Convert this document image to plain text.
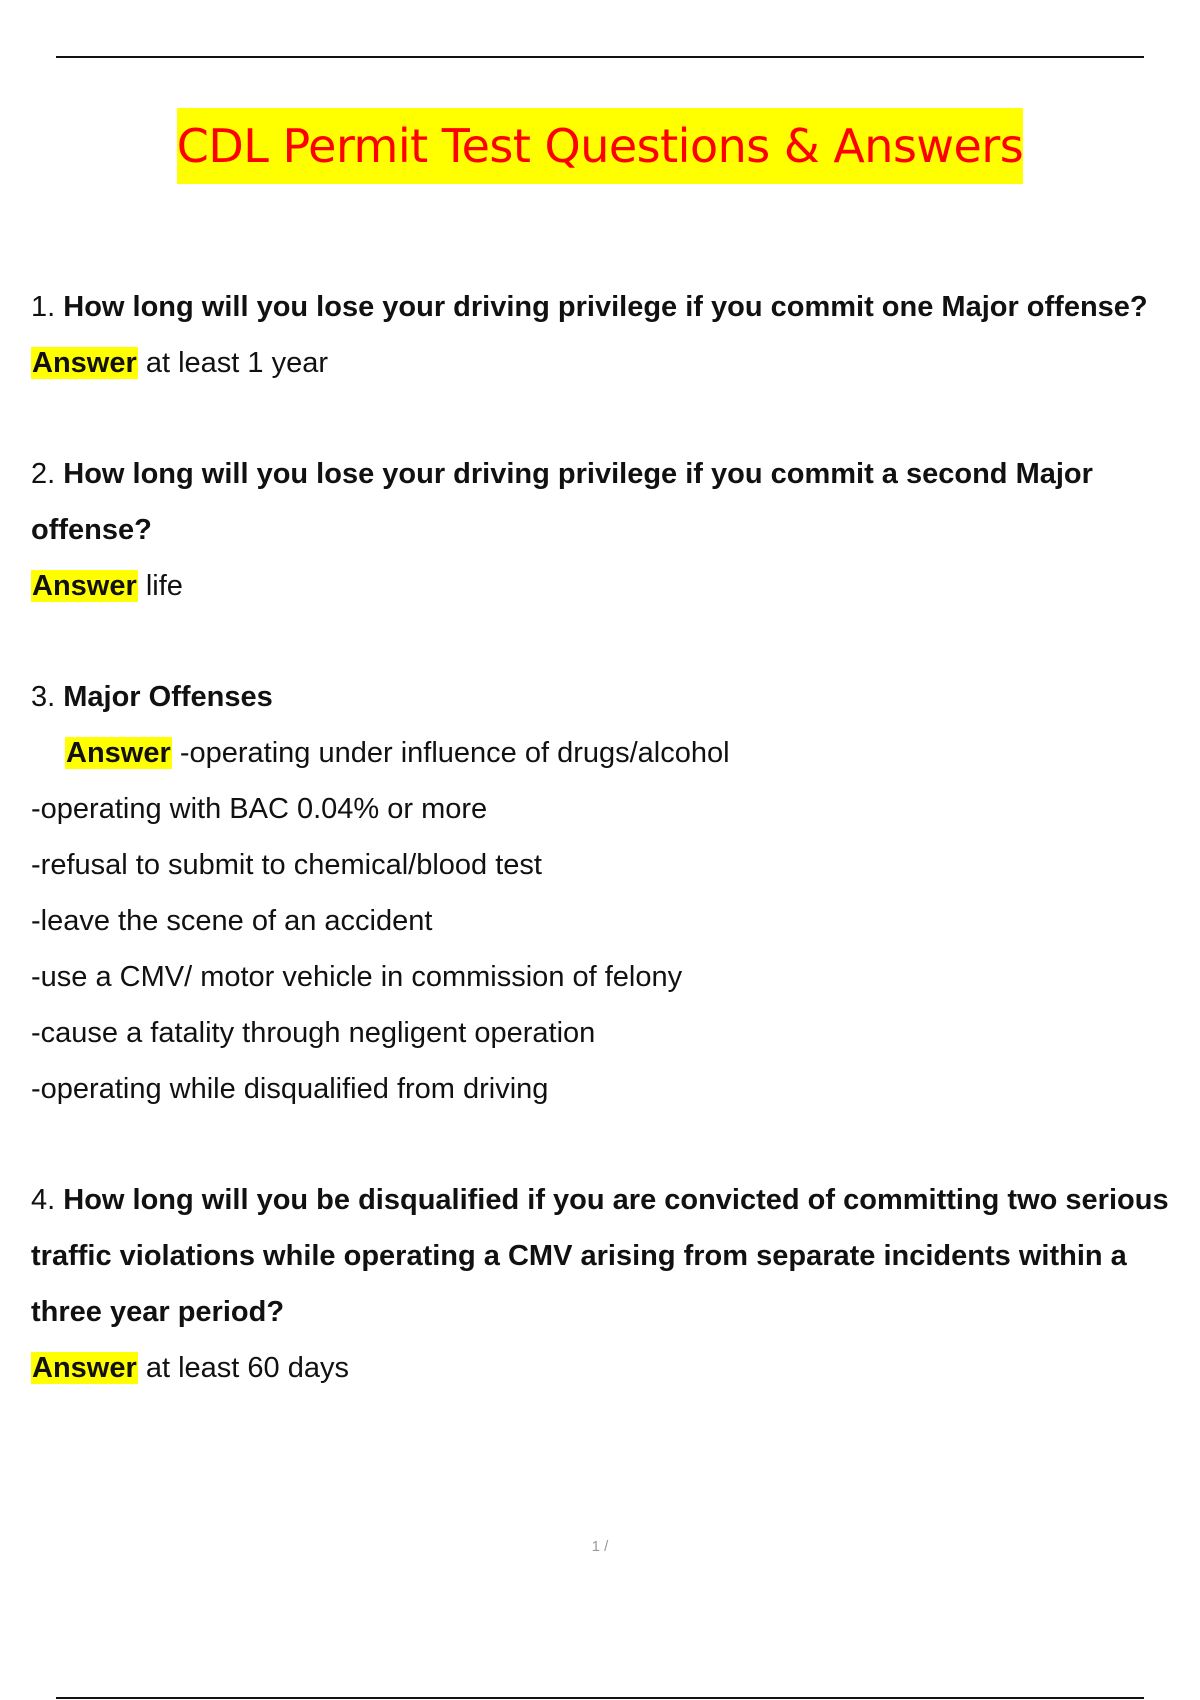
CDL Permit Test Questions & Answers

1. How long will you lose your driving privilege if you commit one Major offense?

Answer at least 1 year

2. How long will you lose your driving privilege if you commit a second Major offense?

Answer life

3. Major Offenses

Answer -operating under influence of drugs/alcohol

-operating with BAC 0.04% or more

-refusal to submit to chemical/blood test

-leave the scene of an accident

-use a CMV/ motor vehicle in commission of felony

-cause a fatality through negligent operation

-operating while disqualified from driving

4. How long will you be disqualified if you are convicted of committing two serious traffic violations while operating a CMV arising from separate incidents within a three year period?

Answer at least 60 days

1 /
